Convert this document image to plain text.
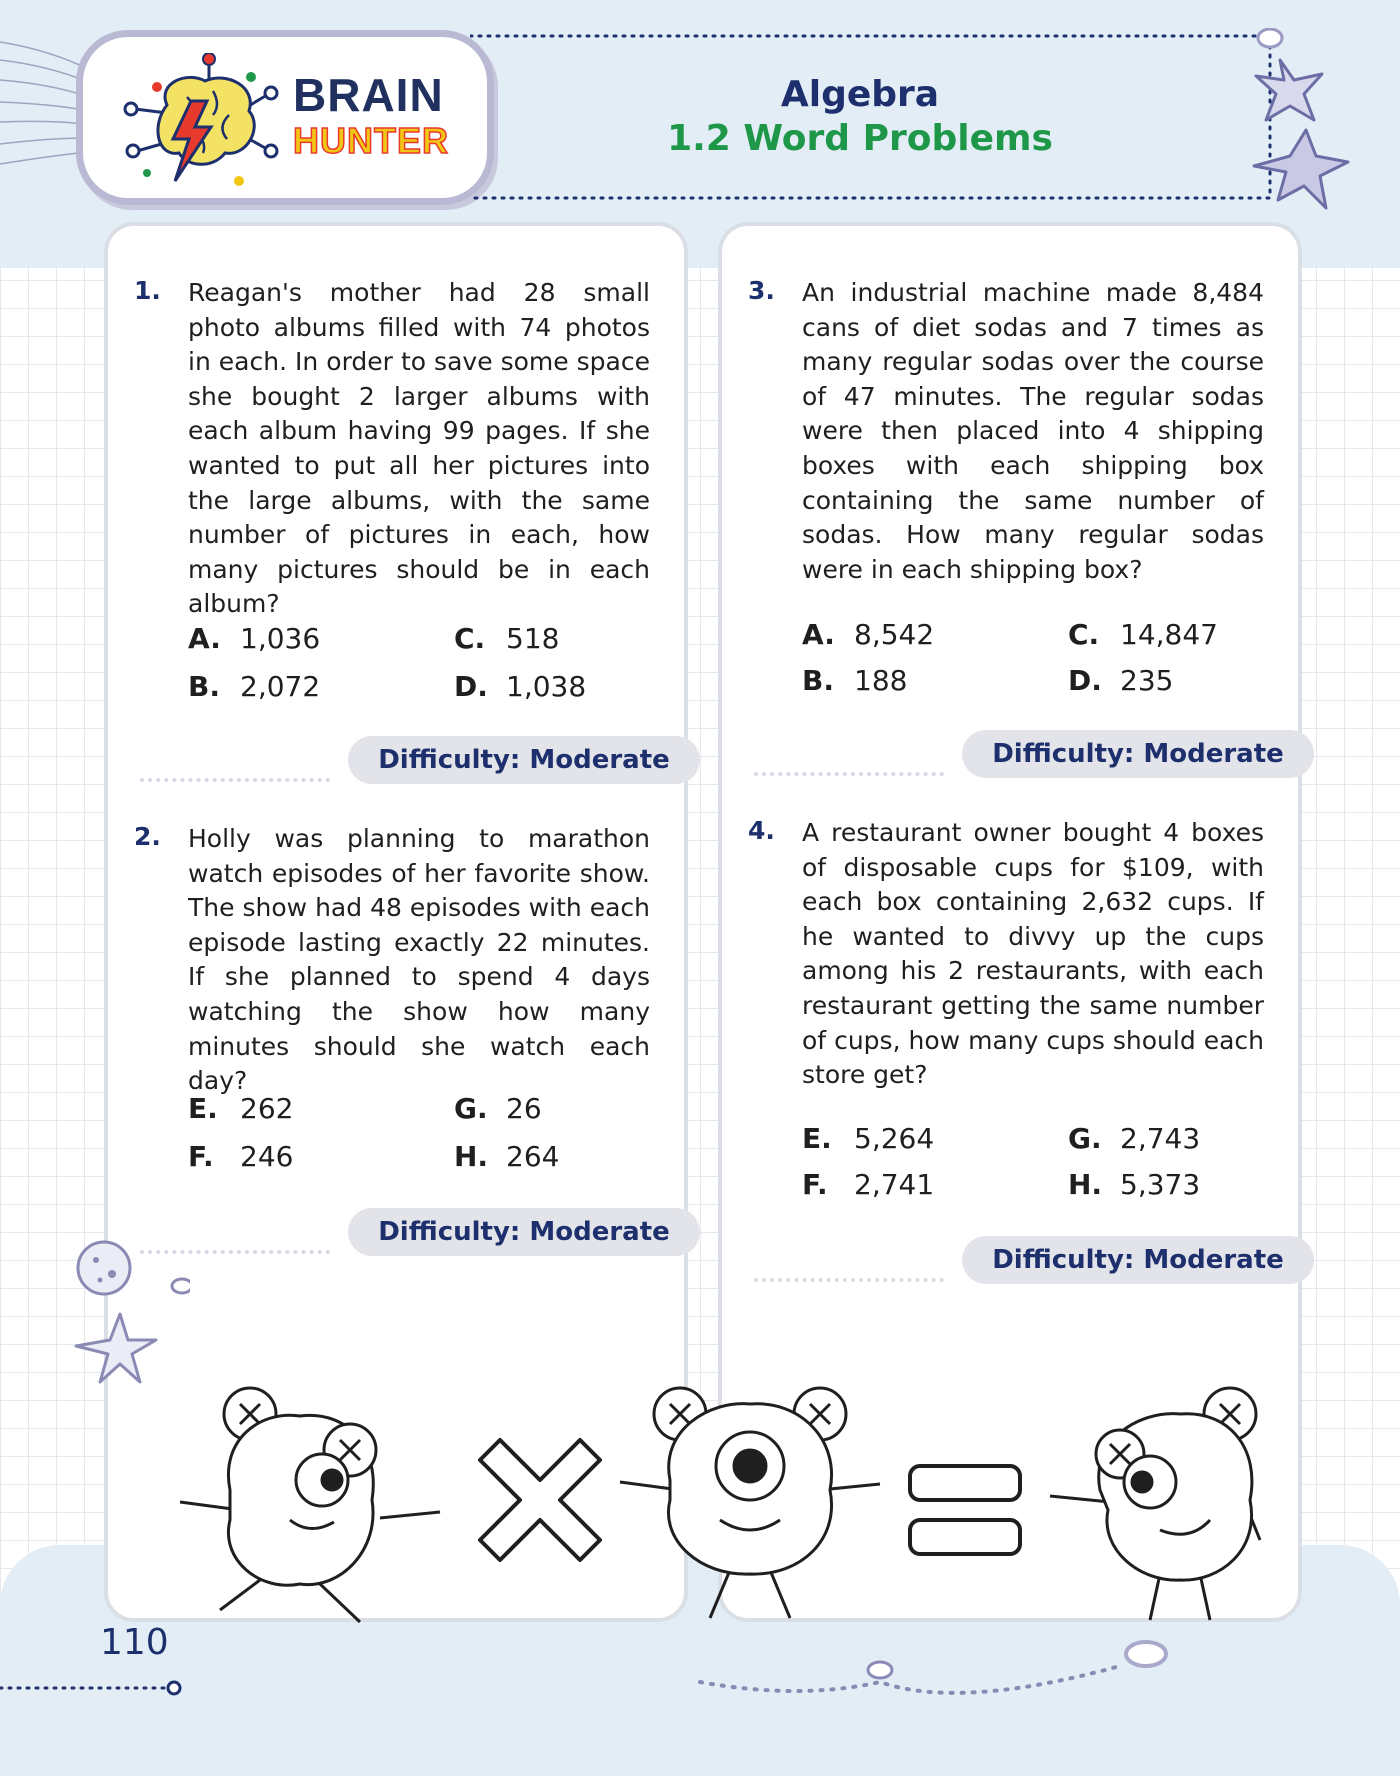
BRAIN
HUNTER
Algebra
1.2 Word Problems
1.	Reagan's mother had 28 small photo albums filled with 74 photos in each. In order to save some space she bought 2 larger albums with each album having 99 pages. If she wanted to put all her pictures into the large albums, with the same number of pictures in each, how many pictures should be in each album?
A. 1,036
B. 2,072
C. 518
D. 1,038
Difficulty: Moderate
2.	Holly was planning to marathon watch episodes of her favorite show. The show had 48 episodes with each episode lasting exactly 22 minutes. If she planned to spend 4 days watching the show how many minutes should she watch each day?
E. 262
F. 246
G. 26
H. 264
Difficulty: Moderate
3.	An industrial machine made 8,484 cans of diet sodas and 7 times as many regular sodas over the course of 47 minutes. The regular sodas were then placed into 4 shipping boxes with each shipping box containing the same number of sodas. How many regular sodas were in each shipping box?
A. 8,542
B. 188
C. 14,847
D. 235
Difficulty: Moderate
4.	A restaurant owner bought 4 boxes of disposable cups for $109, with each box containing 2,632 cups. If he wanted to divvy up the cups among his 2 restaurants, with each restaurant getting the same number of cups, how many cups should each store get?
E. 5,264
F. 2,741
G. 2,743
H. 5,373
Difficulty: Moderate
110
